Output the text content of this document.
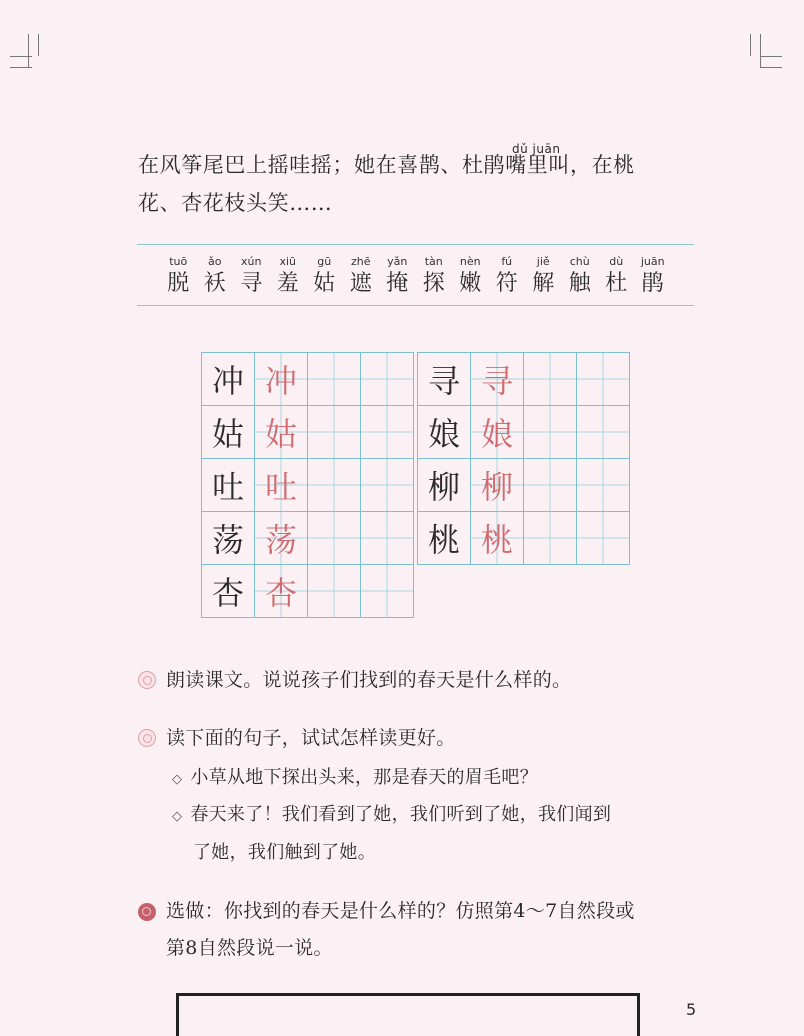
dǔ juān
在风筝尾巴上摇哇摇；她在喜鹊、杜鹃嘴里叫，在桃
花、杏花枝头笑……
tuō
脱
ǎo
袄
xún
寻
xiū
羞
gū
姑
zhē
遮
yǎn
掩
tàn
探
nèn
嫩
fú
符
jiě
解
chù
触
dù
杜
juān
鹃
冲 冲
姑 姑
吐 吐
荡 荡
杏 杏
寻 寻
娘 娘
柳 柳
桃 桃
朗读课文。说说孩子们找到的春天是什么样的。
读下面的句子，试试怎样读更好。
◇ 小草从地下探出头来，那是春天的眉毛吧？
◇ 春天来了！我们看到了她，我们听到了她，我们闻到
了她，我们触到了她。
选做：你找到的春天是什么样的？仿照第4～7自然段或
第8自然段说一说。
5
